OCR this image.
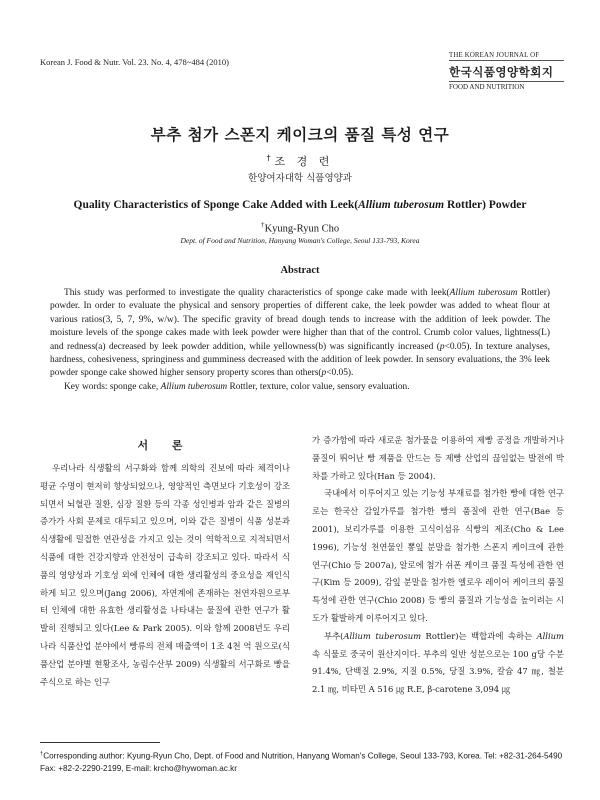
Korean J. Food & Nutr. Vol. 23. No. 4, 478~484 (2010)
THE KOREAN JOURNAL OF
한국식품영양학회지
FOOD AND NUTRITION
부추 첨가 스폰지 케이크의 품질 특성 연구
†조 경 련
한양여자대학 식품영양과
Quality Characteristics of Sponge Cake Added with Leek(Allium tuberosum Rottler) Powder
†Kyung-Ryun Cho
Dept. of Food and Nutrition, Hanyang Woman's College, Seoul 133-793, Korea
Abstract
This study was performed to investigate the quality characteristics of sponge cake made with leek(Allium tuberosum Rottler) powder. In order to evaluate the physical and sensory properties of different cake, the leek powder was added to wheat flour at various ratios(3, 5, 7, 9%, w/w). The specific gravity of bread dough tends to increase with the addition of leek powder. The moisture levels of the sponge cakes made with leek powder were higher than that of the control. Crumb color values, lightness(L) and redness(a) decreased by leek powder addition, while yellowness(b) was significantly increased (p<0.05). In texture analyses, hardness, cohesiveness, springiness and gumminess decreased with the addition of leek powder. In sensory evaluations, the 3% leek powder sponge cake showed higher sensory property scores than others(p<0.05).
Key words: sponge cake, Allium tuberosum Rottler, texture, color value, sensory evaluation.
서 론

우리나라 식생활의 서구화와 함께 의학의 진보에 따라 체격이나 평균 수명이 현저히 향상되었으나, 영양적인 측면보다 기호성이 강조되면서 뇌혈관 질환, 심장 질환 등의 각종 성인병과 암과 같은 질병의 증가가 사회 문제로 대두되고 있으며, 이와 같은 질병이 식품 성분과 식생활에 밀접한 연관성을 가지고 있는 것이 역학적으로 지적되면서 식품에 대한 건강지향과 안전성이 급속히 강조되고 있다. 따라서 식품의 영양성과 기호성 외에 인체에 대한 생리활성의 중요성을 재인식하게 되고 있으며(Jang 2006), 자연계에 존재하는 천연자원으로부터 인체에 대한 유효한 생리활성을 나타내는 물질에 관한 연구가 활발히 진행되고 있다(Lee & Park 2005). 이와 함께 2008년도 우리나라 식품산업 분야에서 빵류의 전체 매출액이 1조 4천 억 원으로(식품산업 분야별 현황조사, 농림수산부 2009) 식생활의 서구화로 빵을 주식으로 하는 인구

가 증가함에 따라 새로운 첨가물을 이용하여 제빵 공정을 개발하거나 품질이 뛰어난 빵 제품을 만드는 등 제빵 산업의 끊임없는 발전에 박차를 가하고 있다(Han 등 2004).

국내에서 이루어지고 있는 기능성 부재료를 첨가한 빵에 대한 연구로는 한국산 감잎가루를 첨가한 빵의 품질에 관한 연구(Bae 등 2001), 보리가루를 이용한 고식이섬유 식빵의 제조(Cho & Lee 1996), 기능성 천연물인 뽕잎 분말을 첨가한 스폰지 케이크에 관한 연구(Chio 등 2007a), 알로에 첨가 쉬폰 케이크 품질 특성에 관한 연구(Kim 등 2009), 감잎 분말을 첨가한 엘로우 레이어 케이크의 품질 특성에 관한 연구(Chio 2008) 등 빵의 품질과 기능성을 높이려는 시도가 활발하게 이루어지고 있다.

부추(Allium tuberosum Rottler)는 백합과에 속하는 Allium 속 식물로 중국이 원산지이다. 부추의 일반 성분으로는 100 g당 수분 91.4%, 단백질 2.9%, 지질 0.5%, 당질 3.9%, 칼슘 47 ㎎, 철분 2.1 ㎎, 비타민 A 516 ㎍ R.E, β-carotene 3,094 ㎍

†Corresponding author: Kyung-Ryun Cho, Dept. of Food and Nutrition, Hanyang Woman's College, Seoul 133-793, Korea. Tel: +82-31-264-5490 Fax: +82-2-2290-2199, E-mail: krcho@hywoman.ac.kr
